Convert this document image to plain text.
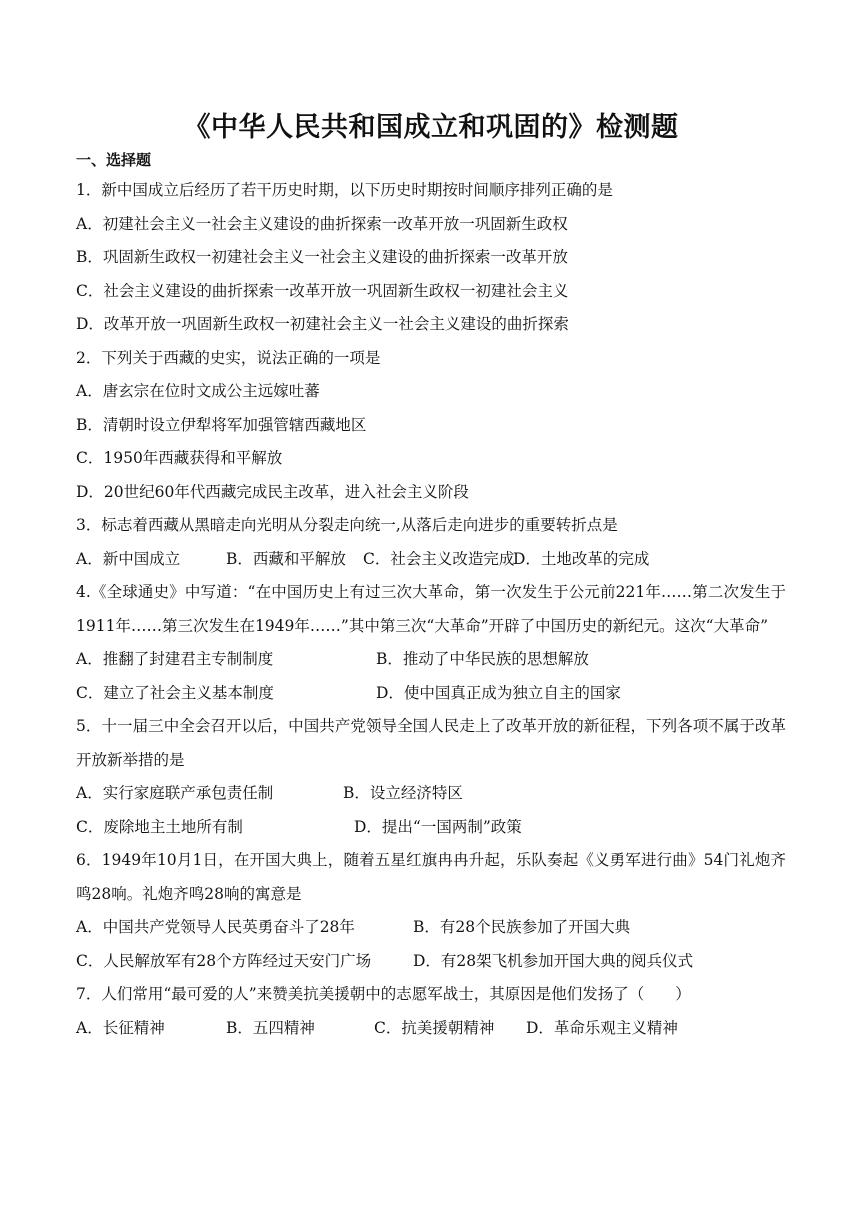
《中华人民共和国成立和巩固的》检测题
一、选择题
1．新中国成立后经历了若干历史时期，以下历史时期按时间顺序排列正确的是
A．初建社会主义一社会主义建设的曲折探索一改革开放一巩固新生政权
B．巩固新生政权一初建社会主义一社会主义建设的曲折探索一改革开放
C．社会主义建设的曲折探索一改革开放一巩固新生政权一初建社会主义
D．改革开放一巩固新生政权一初建社会主义一社会主义建设的曲折探索
2．下列关于西藏的史实，说法正确的一项是
A．唐玄宗在位时文成公主远嫁吐蕃
B．清朝时设立伊犁将军加强管辖西藏地区
C．1950年西藏获得和平解放
D．20世纪60年代西藏完成民主改革，进入社会主义阶段
3．标志着西藏从黑暗走向光明从分裂走向统一,从落后走向进步的重要转折点是
A．新中国成立	B．西藏和平解放	C．社会主义改造完成
D．土地改革的完成
4.《全球通史》中写道：“在中国历史上有过三次大革命，第一次发生于公元前221年……第二次发生于1911年……第三次发生在1949年……”其中第三次“大革命”开辟了中国历史的新纪元。这次“大革命”
A．推翻了封建君主专制制度	B．推动了中华民族的思想解放
C．建立了社会主义基本制度	D．使中国真正成为独立自主的国家
5．十一届三中全会召开以后，中国共产党领导全国人民走上了改革开放的新征程，下列各项不属于改革开放新举措的是
A．实行家庭联产承包责任制	B．设立经济特区
C．废除地主土地所有制	D．提出“一国两制”政策
6．1949年10月1日，在开国大典上，随着五星红旗冉冉升起，乐队奏起《义勇军进行曲》54门礼炮齐鸣28响。礼炮齐鸣28响的寓意是
A．中国共产党领导人民英勇奋斗了28年	B．有28个民族参加了开国大典
C．人民解放军有28个方阵经过天安门广场	D．有28架飞机参加开国大典的阅兵仪式
7．人们常用“最可爱的人”来赞美抗美援朝中的志愿军战士，其原因是他们发扬了（　　）
A．长征精神	B．五四精神	C．抗美援朝精神	D．革命乐观主义精神
